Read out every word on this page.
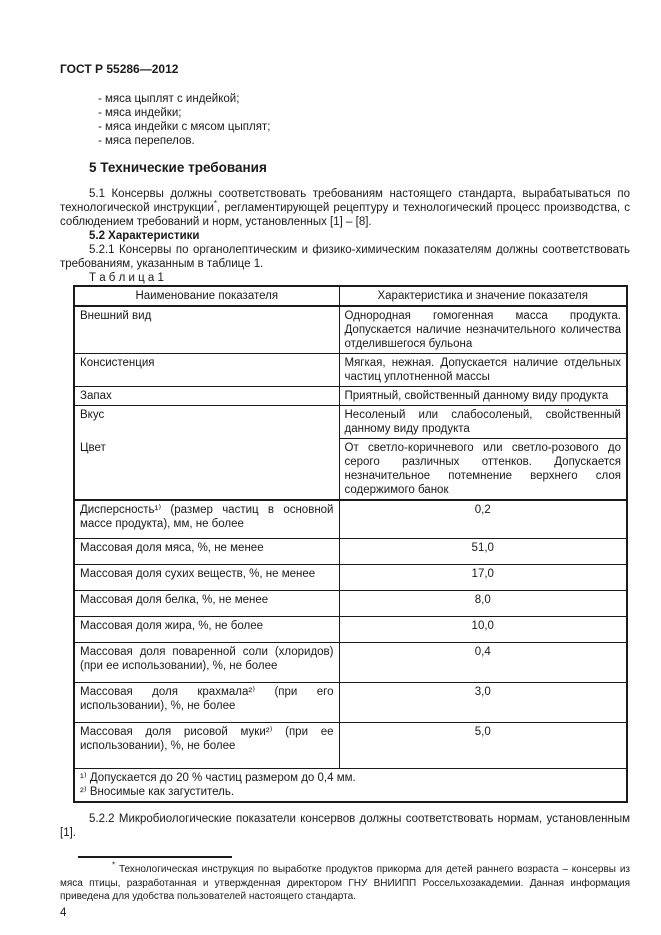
ГОСТ Р 55286—2012
- мяса цыплят с индейкой;
- мяса индейки;
- мяса индейки с мясом цыплят;
- мяса перепелов.
5 Технические требования

5.1 Консервы должны соответствовать требованиям настоящего стандарта, вырабатываться по технологической инструкции*, регламентирующей рецептуру и технологический процесс производства, с соблюдением требований и норм, установленных [1] – [8].

5.2 Характеристики

5.2.1 Консервы по органолептическим и физико-химическим показателям должны соответствовать требованиям, указанным в таблице 1.

Т а б л и ц а 1
Наименование показателя	Характеристика и значение показателя
Внешний вид	Однородная гомогенная масса продукта. Допускается наличие незначительного количества отделившегося бульона
Консистенция	Мягкая, нежная. Допускается наличие отдельных частиц уплотненной массы
Запах	Приятный, свойственный данному виду продукта
Вкус	Несоленый или слабосоленый, свойственный данному виду продукта
Цвет	От светло-коричневого или светло-розового до серого различных оттенков. Допускается незначительное потемнение верхнего слоя содержимого банок
Дисперсность¹⁾ (размер частиц в основной массе продукта), мм, не более	0,2
Массовая доля мяса, %, не менее	51,0
Массовая доля сухих веществ, %, не менее	17,0
Массовая доля белка, %, не менее	8,0
Массовая доля жира, %, не более	10,0
Массовая доля поваренной соли (хлоридов) (при ее использовании), %, не более	0,4
Массовая доля крахмала²⁾ (при его использовании), %, не более	3,0
Массовая доля рисовой муки²⁾ (при ее использовании), %, не более	5,0

¹⁾ Допускается до 20 % частиц размером до 0,4 мм.
²⁾ Вносимые как загуститель.	

5.2.2 Микробиологические показатели консервов должны соответствовать нормам, установленным [1].

* Технологическая инструкция по выработке продуктов прикорма для детей раннего возраста – консервы из мяса птицы, разработанная и утвержденная директором ГНУ ВНИИПП Россельхозакадемии. Данная информация приведена для удобства пользователей настоящего стандарта.

4
